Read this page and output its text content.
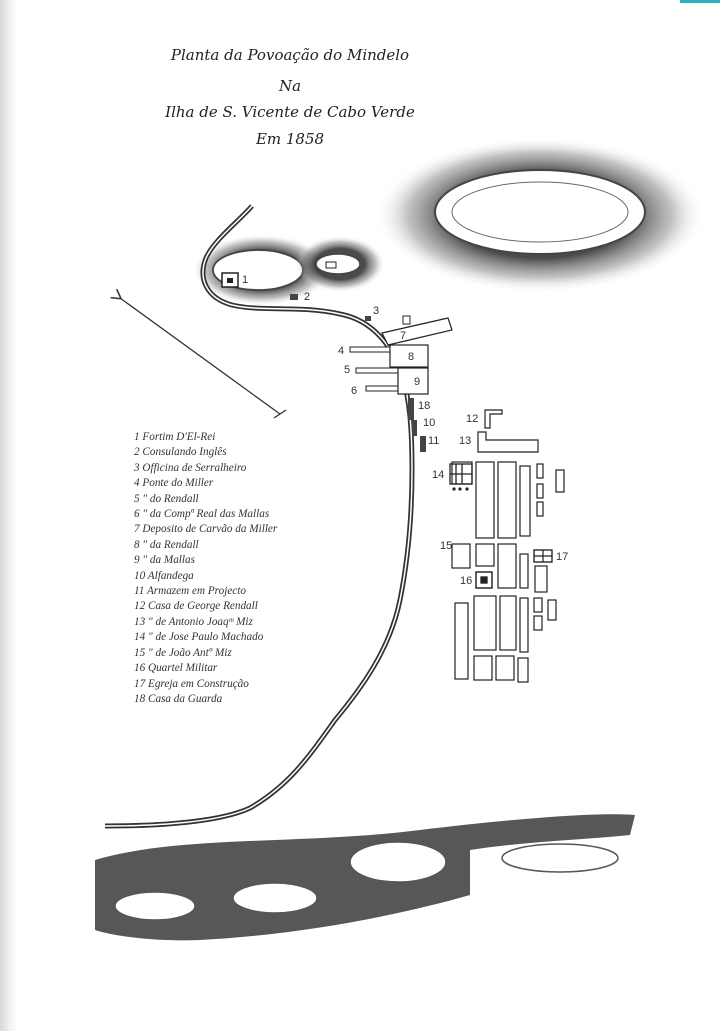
Planta da Povoação do Mindelo
Na
Ilha de S. Vicente de Cabo Verde
Em 1858
1
2
3
4
5
6
7
8
9
10
11
12
13
14
15
16
17
18
1 Fortim D'El-Rei
2 Consulando Inglês
3 Officina de Serralheiro
4 Ponte do Miller
5 " do Rendall
6 " da Compª Real das Mallas
7 Deposito de Carvão da Miller
8 " da Rendall
9 " da Mallas
10 Alfandega
11 Armazem em Projecto
12 Casa de George Rendall
13 " de Antonio Joaqᵐ Miz
14 " de Jose Paulo Machado
15 " de João Antº Miz
16 Quartel Militar
17 Egreja em Construção
18 Casa da Guarda
